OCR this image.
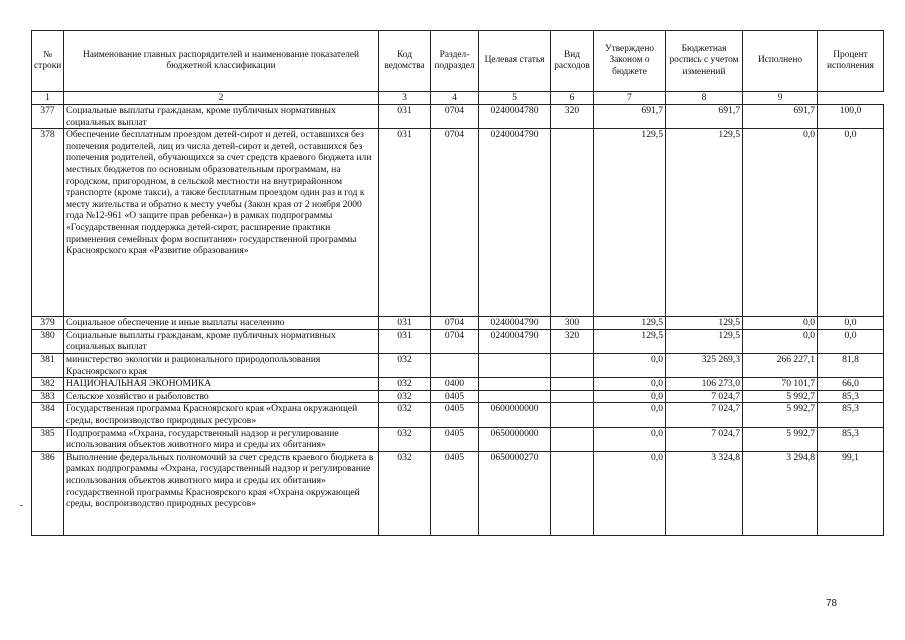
№ строки	Наименование главных распорядителей и наименование показателей бюджетной классификации	Код ведомства	Раздел-подраздел	Целевая статья	Вид расходов	Утверждено Законом о бюджете	Бюджетная роспись с учетом изменений	Исполнено	Процент исполнения
1	2	3	4	5	6	7	8	9	
377	Социальные выплаты гражданам, кроме публичных нормативных социальных выплат	031	0704	0240004780	320	691,7	691,7	691,7	100,0
378	Обеспечение бесплатным проездом детей-сирот и детей, оставшихся без попечения родителей, лиц из числа детей-сирот и детей, оставшихся без попечения родителей, обучающихся за счет средств краевого бюджета или местных бюджетов по основным образовательным программам, на городском, пригородном, в сельской местности на внутрирайонном транспорте (кроме такси), а также бесплатным проездом один раз в год к месту жительства и обратно к месту учебы (Закон края от 2 ноября 2000 года №12-961 «О защите прав ребенка») в рамках подпрограммы «Государственная поддержка детей-сирот, расширение практики применения семейных форм воспитания» государственной программы Красноярского края «Развитие образования»	031	0704	0240004790		129,5	129,5	0,0	0,0
379	Социальное обеспечение и иные выплаты населению	031	0704	0240004790	300	129,5	129,5	0,0	0,0
380	Социальные выплаты гражданам, кроме публичных нормативных социальных выплат	031	0704	0240004790	320	129,5	129,5	0,0	0,0
381	министерство экологии и рационального природопользования Красноярского края	032				0,0	325 269,3	266 227,1	81,8
382	НАЦИОНАЛЬНАЯ ЭКОНОМИКА	032	0400			0,0	106 273,0	70 101,7	66,0
383	Сельское хозяйство и рыболовство	032	0405			0,0	7 024,7	5 992,7	85,3
384	Государственная программа Красноярского края «Охрана окружающей среды, воспроизводство природных ресурсов»	032	0405	0600000000		0,0	7 024,7	5 992,7	85,3
385	Подпрограмма «Охрана, государственный надзор и регулирование использования объектов животного мира и среды их обитания»	032	0405	0650000000		0,0	7 024,7	5 992,7	85,3
386	Выполнение федеральных полномочий за счет средств краевого бюджета в рамках подпрограммы «Охрана, государственный надзор и регулирование использования объектов животного мира и среды их обитания» государственной программы Красноярского края «Охрана окружающей среды, воспроизводство природных ресурсов»	032	0405	0650000270		0,0	3 324,8	3 294,8	99,1
78
